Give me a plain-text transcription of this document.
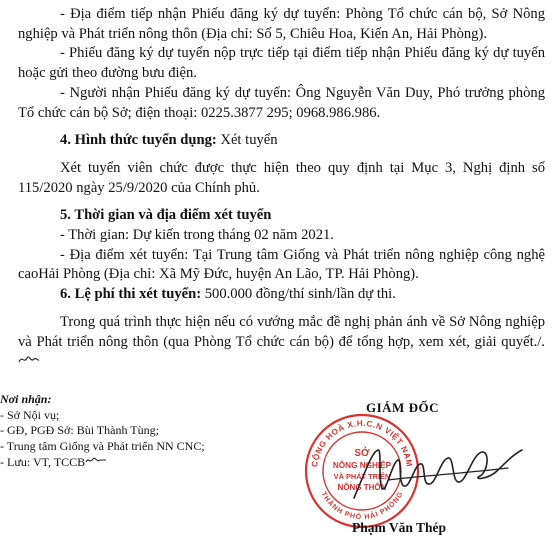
- Địa điểm tiếp nhận Phiếu đăng ký dự tuyển: Phòng Tổ chức cán bộ, Sở Nông nghiệp và Phát triển nông thôn (Địa chỉ: Số 5, Chiêu Hoa, Kiến An, Hải Phòng).

- Phiếu đăng ký dự tuyển nộp trực tiếp tại điểm tiếp nhận Phiếu đăng ký dự tuyển hoặc gửi theo đường bưu điện.

- Người nhận Phiếu đăng ký dự tuyển: Ông Nguyễn Văn Duy, Phó trưởng phòng Tổ chức cán bộ Sở; điện thoại: 0225.3877 295; 0968.986.986.

4. Hình thức tuyển dụng: Xét tuyển

Xét tuyển viên chức được thực hiện theo quy định tại Mục 3, Nghị định số 115/2020 ngày 25/9/2020 của Chính phủ.

5. Thời gian và địa điểm xét tuyển

- Thời gian: Dự kiến trong tháng 02 năm 2021.

- Địa điểm xét tuyển: Tại Trung tâm Giống và Phát triển nông nghiệp công nghệ caoHải Phòng (Địa chỉ: Xã Mỹ Đức, huyện An Lão, TP. Hải Phòng).

6. Lệ phí thi xét tuyển: 500.000 đồng/thí sinh/lần dự thi.

Trong quá trình thực hiện nếu có vướng mắc đề nghị phản ánh về Sở Nông nghiệp và Phát triển nông thôn (qua Phòng Tổ chức cán bộ) để tổng hợp, xem xét, giải quyết./.

Nơi nhận:
- Sở Nội vụ;
- GĐ, PGĐ Sở: Bùi Thành Tùng;
- Trung tâm Giống và Phát triển NN CNC;
- Lưu: VT, TCCB
GIÁM ĐỐC
CỘNG HOÀ X.H.C.N VIỆT NAM
THÀNH PHỐ HẢI PHÒNG
SỞ
NÔNG NGHIỆP
VÀ PHÁT TRIỂN
NÔNG THÔN
Phạm Văn Thép
